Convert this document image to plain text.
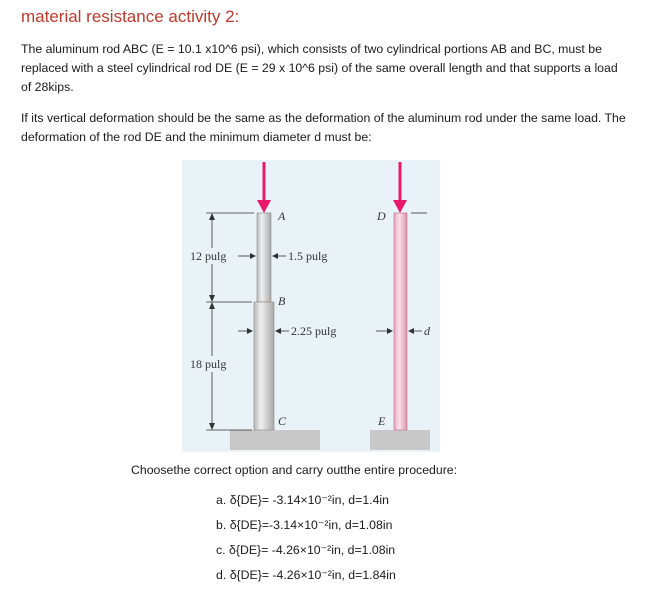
material resistance activity 2:

The aluminum rod ABC (E = 10.1 x10^6 psi), which consists of two cylindrical portions AB and BC, must be replaced with a steel cylindrical rod DE (E = 29 x 10^6 psi) of the same overall length and that supports a load of 28kips.

If its vertical deformation should be the same as the deformation of the aluminum rod under the same load. The deformation of the rod DE and the minimum diameter d must be:

A
B
C
D
E
12 pulg
18 pulg
1.5 pulg
2.25 pulg	d
Choosethe correct option and carry outthe entire procedure:
a. δ{DE}= -3.14×10⁻²in, d=1.4in
b. δ{DE}=-3.14×10⁻²in, d=1.08in
c. δ{DE}= -4.26×10⁻²in, d=1.08in
d. δ{DE}= -4.26×10⁻²in, d=1.84in
